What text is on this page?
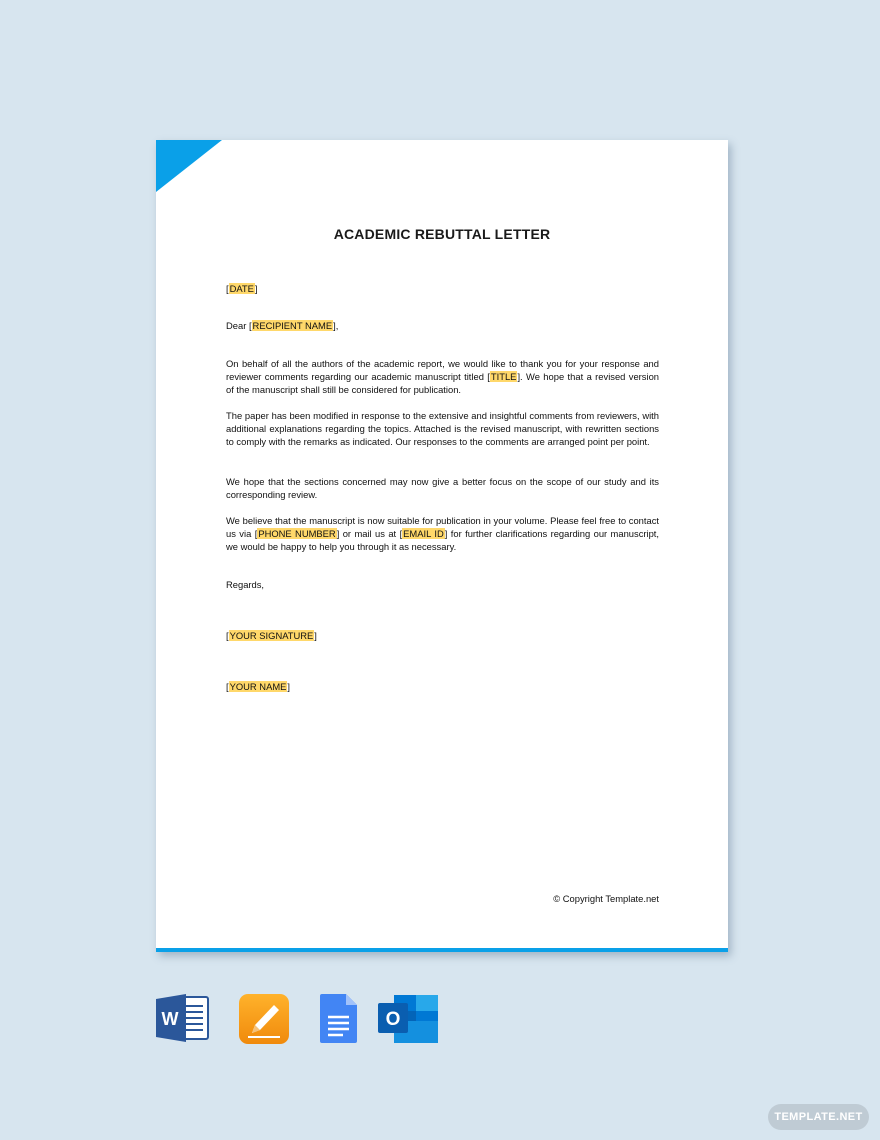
ACADEMIC REBUTTAL LETTER
[DATE]
Dear [RECIPIENT NAME],
On behalf of all the authors of the academic report, we would like to thank you for your response and reviewer comments regarding our academic manuscript titled [TITLE]. We hope that a revised version of the manuscript shall still be considered for publication.
The paper has been modified in response to the extensive and insightful comments from reviewers, with additional explanations regarding the topics. Attached is the revised manuscript, with rewritten sections to comply with the remarks as indicated. Our responses to the comments are arranged point per point.
We hope that the sections concerned may now give a better focus on the scope of our study and its corresponding review.
We believe that the manuscript is now suitable for publication in your volume. Please feel free to contact us via [PHONE NUMBER] or mail us at [EMAIL ID] for further clarifications regarding our manuscript, we would be happy to help you through it as necessary.
Regards,
[YOUR SIGNATURE]
[YOUR NAME]
© Copyright Template.net
W	O
TEMPLATE.NET
